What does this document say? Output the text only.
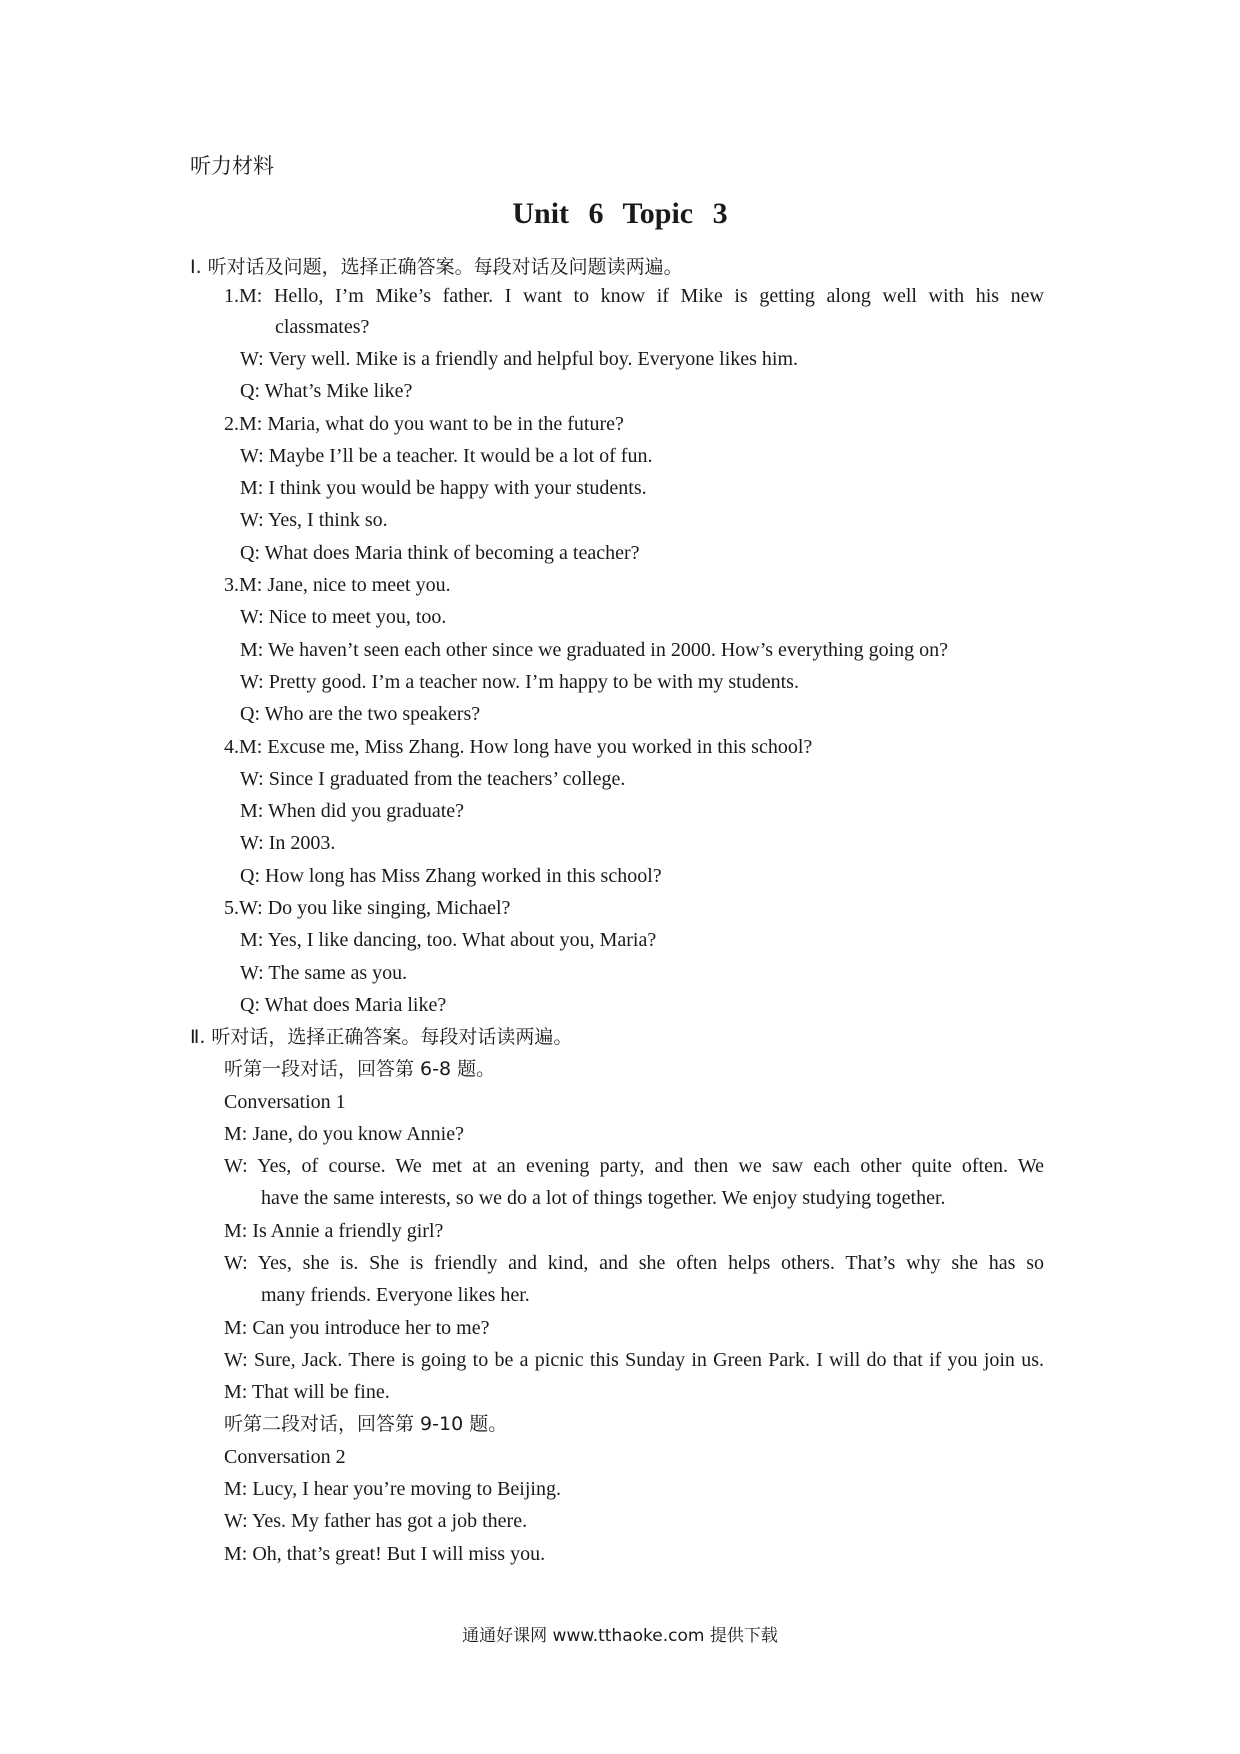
听力材料
Unit 6 Topic 3
Ⅰ. 听对话及问题，选择正确答案。每段对话及问题读两遍。
1.M: Hello, I’m Mike’s father. I want to know if Mike is getting along well with his new
classmates?
W: Very well. Mike is a friendly and helpful boy. Everyone likes him.
Q: What’s Mike like?
2.M: Maria, what do you want to be in the future?
W: Maybe I’ll be a teacher. It would be a lot of fun.
M: I think you would be happy with your students.
W: Yes, I think so.
Q: What does Maria think of becoming a teacher?
3.M: Jane, nice to meet you.
W: Nice to meet you, too.
M: We haven’t seen each other since we graduated in 2000. How’s everything going on?
W: Pretty good. I’m a teacher now. I’m happy to be with my students.
Q: Who are the two speakers?
4.M: Excuse me, Miss Zhang. How long have you worked in this school?
W: Since I graduated from the teachers’ college.
M: When did you graduate?
W: In 2003.
Q: How long has Miss Zhang worked in this school?
5.W: Do you like singing, Michael?
M: Yes, I like dancing, too. What about you, Maria?
W: The same as you.
Q: What does Maria like?
Ⅱ. 听对话，选择正确答案。每段对话读两遍。
听第一段对话，回答第 6-8 题。
Conversation 1
M: Jane, do you know Annie?
W: Yes, of course. We met at an evening party, and then we saw each other quite often. We
have the same interests, so we do a lot of things together. We enjoy studying together.
M: Is Annie a friendly girl?
W: Yes, she is. She is friendly and kind, and she often helps others. That’s why she has so
many friends. Everyone likes her.
M: Can you introduce her to me?
W: Sure, Jack. There is going to be a picnic this Sunday in Green Park. I will do that if you join us.
M: That will be fine.
听第二段对话，回答第 9-10 题。
Conversation 2
M: Lucy, I hear you’re moving to Beijing.
W: Yes. My father has got a job there.
M: Oh, that’s great! But I will miss you.
通通好课网 www.tthaoke.com 提供下载
